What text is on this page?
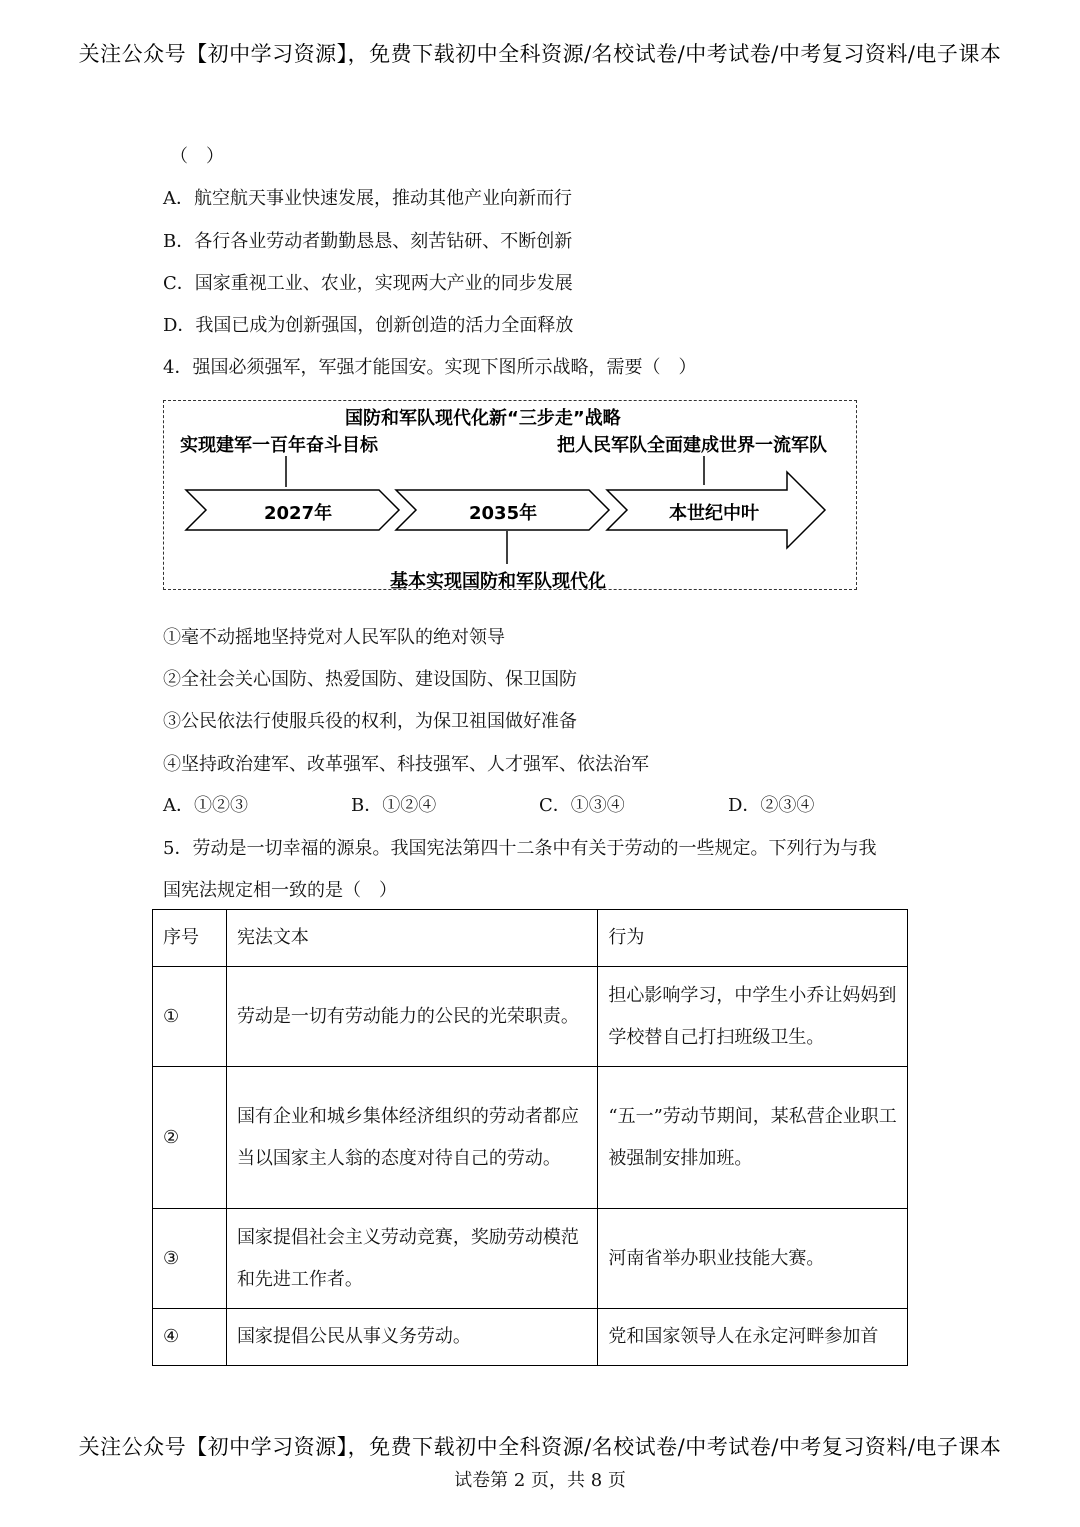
关注公众号【初中学习资源】，免费下载初中全科资源/名校试卷/中考试卷/中考复习资料/电子课本
（　）
A．航空航天事业快速发展，推动其他产业向新而行
B．各行各业劳动者勤勤恳恳、刻苦钻研、不断创新
C．国家重视工业、农业，实现两大产业的同步发展
D．我国已成为创新强国，创新创造的活力全面释放
4．强国必须强军，军强才能国安。实现下图所示战略，需要（　）
国防和军队现代化新“三步走”战略
实现建军一百年奋斗目标	把人民军队全面建成世界一流军队
2027年	2035年	本世纪中叶
基本实现国防和军队现代化
①毫不动摇地坚持党对人民军队的绝对领导
②全社会关心国防、热爱国防、建设国防、保卫国防
③公民依法行使服兵役的权利，为保卫祖国做好准备
④坚持政治建军、改革强军、科技强军、人才强军、依法治军
A．①②③	B．①②④	C．①③④	D．②③④
5．劳动是一切幸福的源泉。我国宪法第四十二条中有关于劳动的一些规定。下列行为与我
国宪法规定相一致的是（　）
序号	宪法文本	行为
①	劳动是一切有劳动能力的公民的光荣职责。	担心影响学习，中学生小乔让妈妈到学校替自己打扫班级卫生。
②	国有企业和城乡集体经济组织的劳动者都应当以国家主人翁的态度对待自己的劳动。	“五一”劳动节期间，某私营企业职工被强制安排加班。
③	国家提倡社会主义劳动竞赛，奖励劳动模范和先进工作者。	河南省举办职业技能大赛。
④	国家提倡公民从事义务劳动。	党和国家领导人在永定河畔参加首
关注公众号【初中学习资源】，免费下载初中全科资源/名校试卷/中考试卷/中考复习资料/电子课本
试卷第 2 页，共 8 页
